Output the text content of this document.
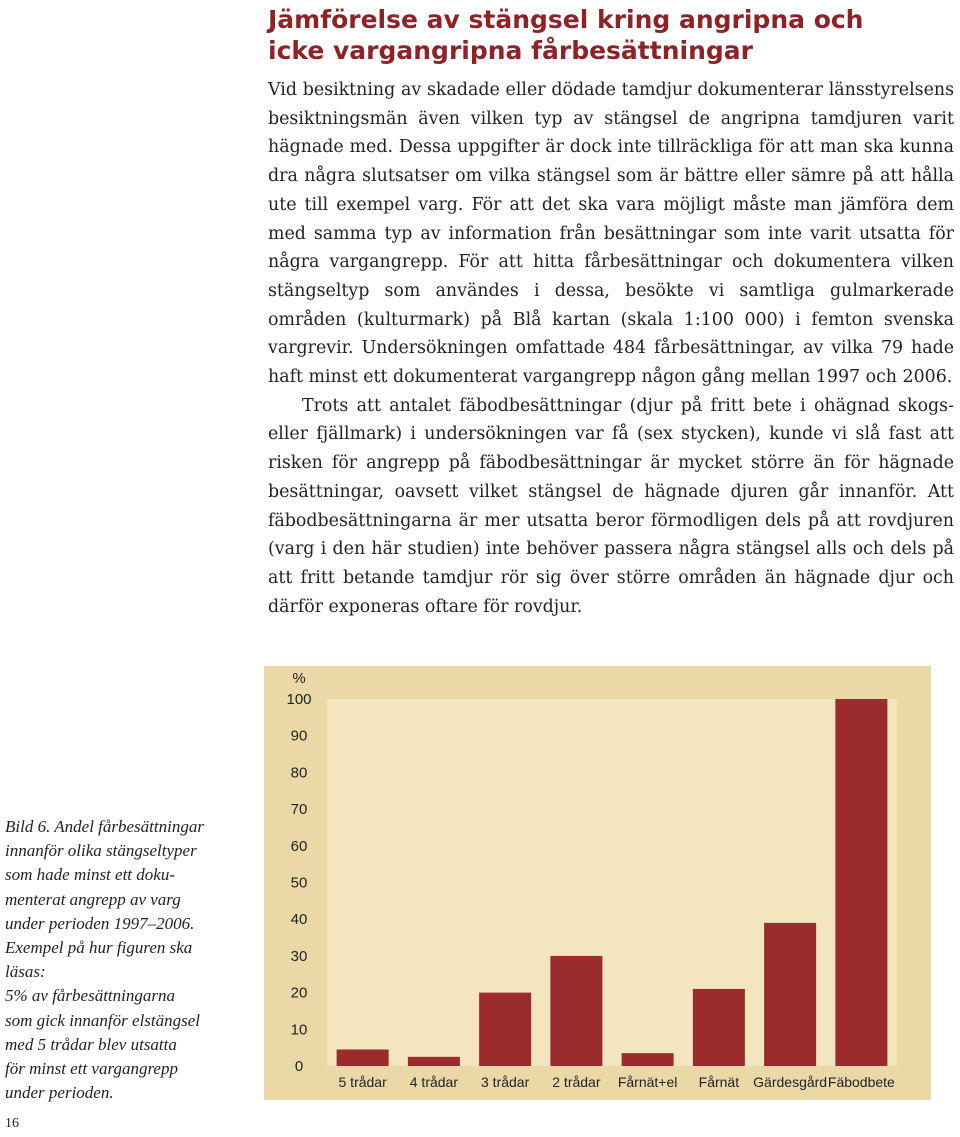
Jämförelse av stängsel kring angripna och
icke vargangripna fårbesättningar

Vid besiktning av skadade eller dödade tamdjur dokumenterar länsstyrelsens besiktningsmän även vilken typ av stängsel de angripna tamdjuren varit hägnade med. Dessa uppgifter är dock inte tillräckliga för att man ska kunna dra några slutsatser om vilka stängsel som är bättre eller sämre på att hålla ute till exempel varg. För att det ska vara möjligt måste man jämföra dem med samma typ av information från besättningar som inte varit utsatta för några vargangrepp. För att hitta fårbesättningar och dokumentera vilken stängseltyp som användes i dessa, besökte vi samtliga gulmarkerade områden (kulturmark) på Blå kartan (skala 1:100 000) i femton svenska vargrevir. Undersökningen omfattade 484 fårbesättningar, av vilka 79 hade haft minst ett dokumenterat vargangrepp någon gång mellan 1997 och 2006.

Trots att antalet fäbodbesättningar (djur på fritt bete i ohägnad skogs- eller fjällmark) i undersökningen var få (sex stycken), kunde vi slå fast att risken för angrepp på fäbodbesättningar är mycket större än för hägnade besättningar, oavsett vilket stängsel de hägnade djuren går innanför. Att fäbodbesättningarna är mer utsatta beror förmodligen dels på att rovdjuren (varg i den här studien) inte behöver passera några stängsel alls och dels på att fritt betande tamdjur rör sig över större områden än hägnade djur och därför exponeras oftare för rovdjur.

%
0
10
20
30
40
50
60
70
80
90
100
5 trådar 4 trådar 3 trådar 2 trådar Fårnät+el Fårnät Gärdesgård Fäbodbete
Bild 6. Andel fårbesättningar
innanför olika stängseltyper
som hade minst ett doku-
menterat angrepp av varg
under perioden 1997–2006.
Exempel på hur figuren ska
läsas:
5% av fårbesättningarna
som gick innanför elstängsel
med 5 trådar blev utsatta
för minst ett vargangrepp
under perioden.
16
